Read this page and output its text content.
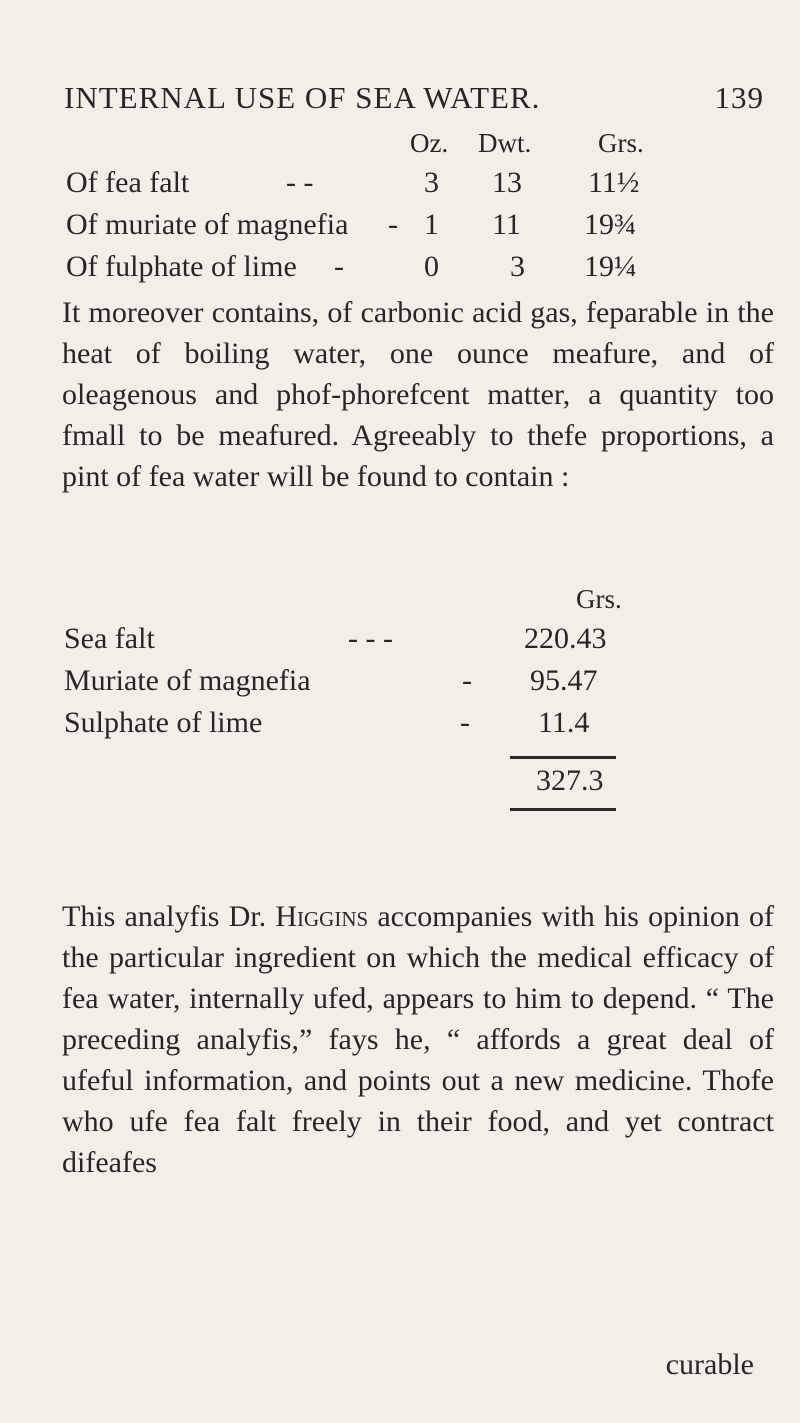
INTERNAL USE OF SEA WATER.	139
Oz. Dwt. Grs.
Of fea falt	- -	3 13 11½
Of muriate of magnefia - 1 11 19¾
Of fulphate of lime -	0 3 19¼

It moreover contains, of carbonic acid gas, feparable in the heat of boiling water, one ounce meafure, and of oleagenous and phof-phorefcent matter, a quantity too fmall to be meafured. Agreeably to thefe proportions, a pint of fea water will be found to contain :

Grs.
Sea falt	- - -	220.43
Muriate of magnefia	- 95.47
Sulphate of lime	- 11.4
327.3

This analyfis Dr. Higgins accompanies with his opinion of the particular ingredient on which the medical efficacy of fea water, internally ufed, appears to him to depend. “ The preceding analyfis,” fays he, “ affords a great deal of ufeful information, and points out a new medicine. Thofe who ufe fea falt freely in their food, and yet contract difeafes

curable
